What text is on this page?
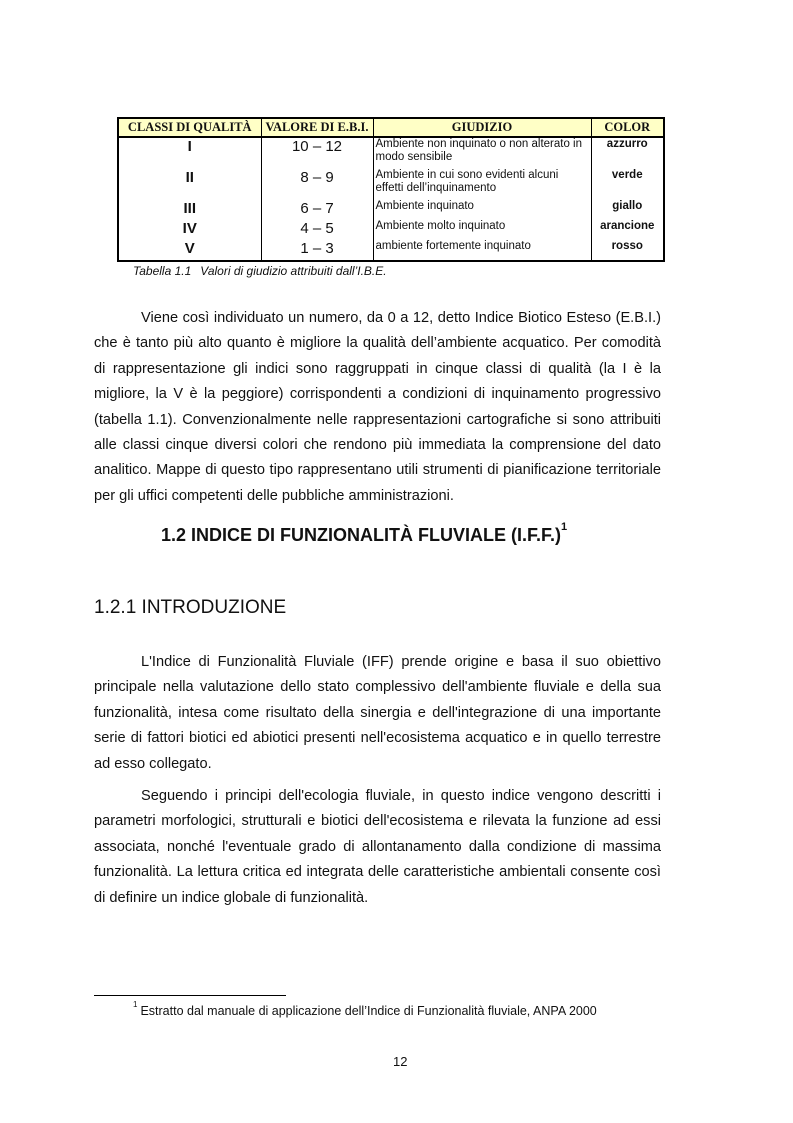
CLASSI DI QUALITÀ	VALORE DI E.B.I.	GIUDIZIO	COLOR
I	10 – 12	Ambiente non inquinato o non alterato in modo sensibile	azzurro
II	8 – 9	Ambiente in cui sono evidenti alcuni effetti dell’inquinamento	verde
III	6 – 7	Ambiente inquinato	giallo
IV	4 – 5	Ambiente molto inquinato	arancione
V	1 – 3	ambiente fortemente inquinato	rosso
Tabella 1.1 Valori di giudizio attribuiti dall’I.B.E.
Viene così individuato un numero, da 0 a 12, detto Indice Biotico Esteso (E.B.I.) che è tanto più alto quanto è migliore la qualità dell’ambiente acquatico. Per comodità di rappresentazione gli indici sono raggruppati in cinque classi di qualità (la I è la migliore, la V è la peggiore) corrispondenti a condizioni di inquinamento progressivo (tabella 1.1). Convenzionalmente nelle rappresentazioni cartografiche si sono attribuiti alle classi cinque diversi colori che rendono più immediata la comprensione del dato analitico. Mappe di questo tipo rappresentano utili strumenti di pianificazione territoriale per gli uffici competenti delle pubbliche amministrazioni.
1.2 INDICE DI FUNZIONALITÀ FLUVIALE $(I.F.F.)^1$
1.2.1 INTRODUZIONE
L'Indice di Funzionalità Fluviale (IFF) prende origine e basa il suo obiettivo principale nella valutazione dello stato complessivo dell'ambiente fluviale e della sua funzionalità, intesa come risultato della sinergia e dell'integrazione di una importante serie di fattori biotici ed abiotici presenti nell'ecosistema acquatico e in quello terrestre ad esso collegato.
Seguendo i principi dell'ecologia fluviale, in questo indice vengono descritti i parametri morfologici, strutturali e biotici dell'ecosistema e rilevata la funzione ad essi associata, nonché l'eventuale grado di allontanamento dalla condizione di massima funzionalità. La lettura critica ed integrata delle caratteristiche ambientali consente così di definire un indice globale di funzionalità.
$^1$ Estratto dal manuale di applicazione dell’Indice di Funzionalità fluviale, ANPA 2000
12
